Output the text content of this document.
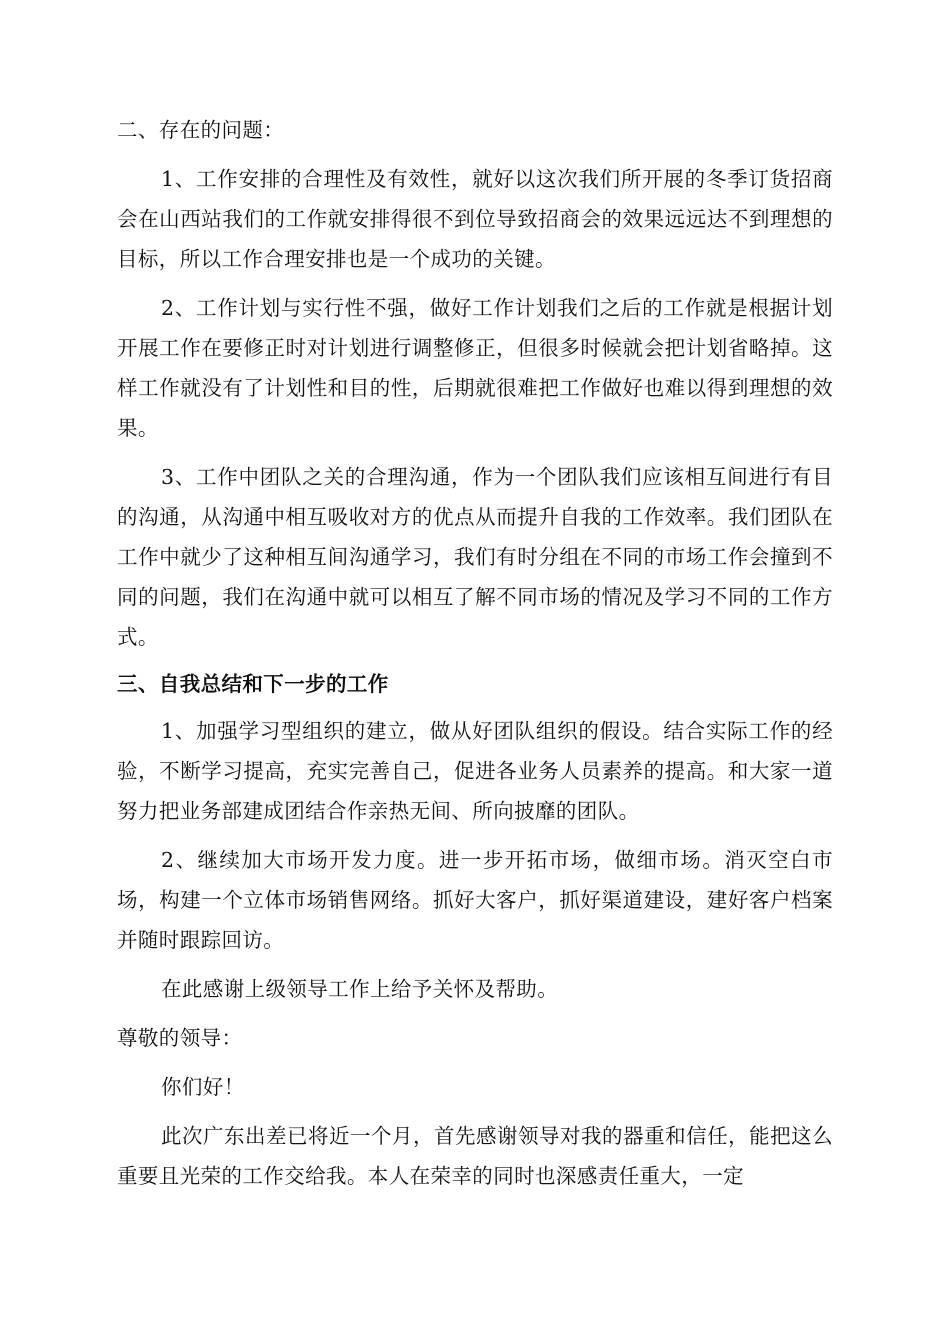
二、存在的问题：

1、工作安排的合理性及有效性，就好以这次我们所开展的冬季订货招商会在山西站我们的工作就安排得很不到位导致招商会的效果远远达不到理想的目标，所以工作合理安排也是一个成功的关键。

2、工作计划与实行性不强，做好工作计划我们之后的工作就是根据计划开展工作在要修正时对计划进行调整修正，但很多时候就会把计划省略掉。这样工作就没有了计划性和目的性，后期就很难把工作做好也难以得到理想的效果。

3、工作中团队之关的合理沟通，作为一个团队我们应该相互间进行有目的沟通，从沟通中相互吸收对方的优点从而提升自我的工作效率。我们团队在工作中就少了这种相互间沟通学习，我们有时分组在不同的市场工作会撞到不同的问题，我们在沟通中就可以相互了解不同市场的情况及学习不同的工作方式。

三、自我总结和下一步的工作

1、加强学习型组织的建立，做从好团队组织的假设。结合实际工作的经验，不断学习提高，充实完善自己，促进各业务人员素养的提高。和大家一道努力把业务部建成团结合作亲热无间、所向披靡的团队。

2、继续加大市场开发力度。进一步开拓市场，做细市场。消灭空白市场，构建一个立体市场销售网络。抓好大客户，抓好渠道建设，建好客户档案并随时跟踪回访。

在此感谢上级领导工作上给予关怀及帮助。

尊敬的领导：

你们好！

此次广东出差已将近一个月，首先感谢领导对我的器重和信任，能把这么重要且光荣的工作交给我。本人在荣幸的同时也深感责任重大，一定
